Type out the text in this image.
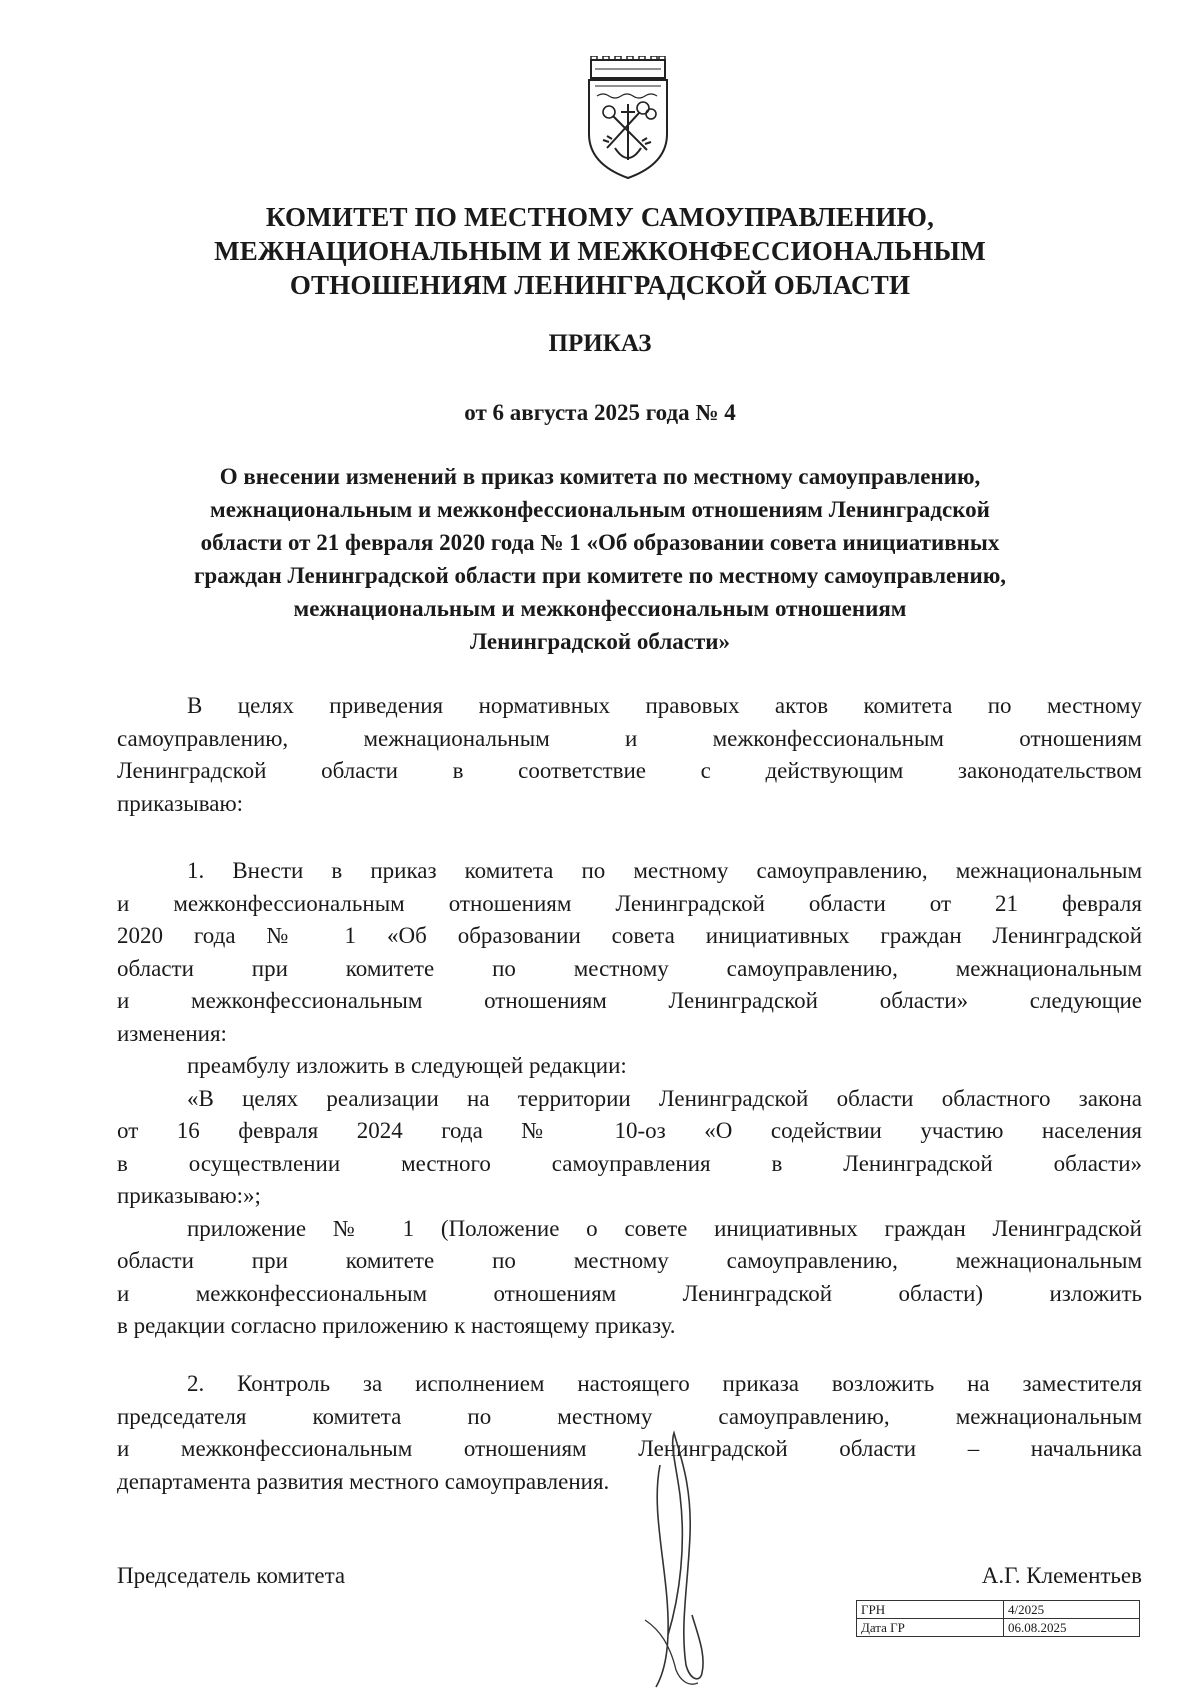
КОМИТЕТ ПО МЕСТНОМУ САМОУПРАВЛЕНИЮ,
МЕЖНАЦИОНАЛЬНЫМ И МЕЖКОНФЕССИОНАЛЬНЫМ
ОТНОШЕНИЯМ ЛЕНИНГРАДСКОЙ ОБЛАСТИ
ПРИКАЗ
от 6 августа 2025 года № 4
О внесении изменений в приказ комитета по местному самоуправлению,
межнациональным и межконфессиональным отношениям Ленинградской
области от 21 февраля 2020 года № 1 «Об образовании совета инициативных
граждан Ленинградской области при комитете по местному самоуправлению,
межнациональным и межконфессиональным отношениям
Ленинградской области»
В целях приведения нормативных правовых актов комитета по местному
самоуправлению, межнациональным и межконфессиональным отношениям
Ленинградской области в соответствие с действующим законодательством
приказываю:
1. Внести в приказ комитета по местному самоуправлению, межнациональным
и межконфессиональным отношениям Ленинградской области от 21 февраля
2020 года № 1 «Об образовании совета инициативных граждан Ленинградской
области при комитете по местному самоуправлению, межнациональным
и межконфессиональным отношениям Ленинградской области» следующие
изменения:
преамбулу изложить в следующей редакции:
«В целях реализации на территории Ленинградской области областного закона
от 16 февраля 2024 года № 10-оз «О содействии участию населения
в осуществлении местного самоуправления в Ленинградской области»
приказываю:»;
приложение № 1 (Положение о совете инициативных граждан Ленинградской
области при комитете по местному самоуправлению, межнациональным
и межконфессиональным отношениям Ленинградской области) изложить
в редакции согласно приложению к настоящему приказу.
2. Контроль за исполнением настоящего приказа возложить на заместителя
председателя комитета по местному самоуправлению, межнациональным
и межконфессиональным отношениям Ленинградской области – начальника
департамента развития местного самоуправления.
Председатель комитета	А.Г. Клементьев
ГРН	4/2025
Дата ГР	06.08.2025
